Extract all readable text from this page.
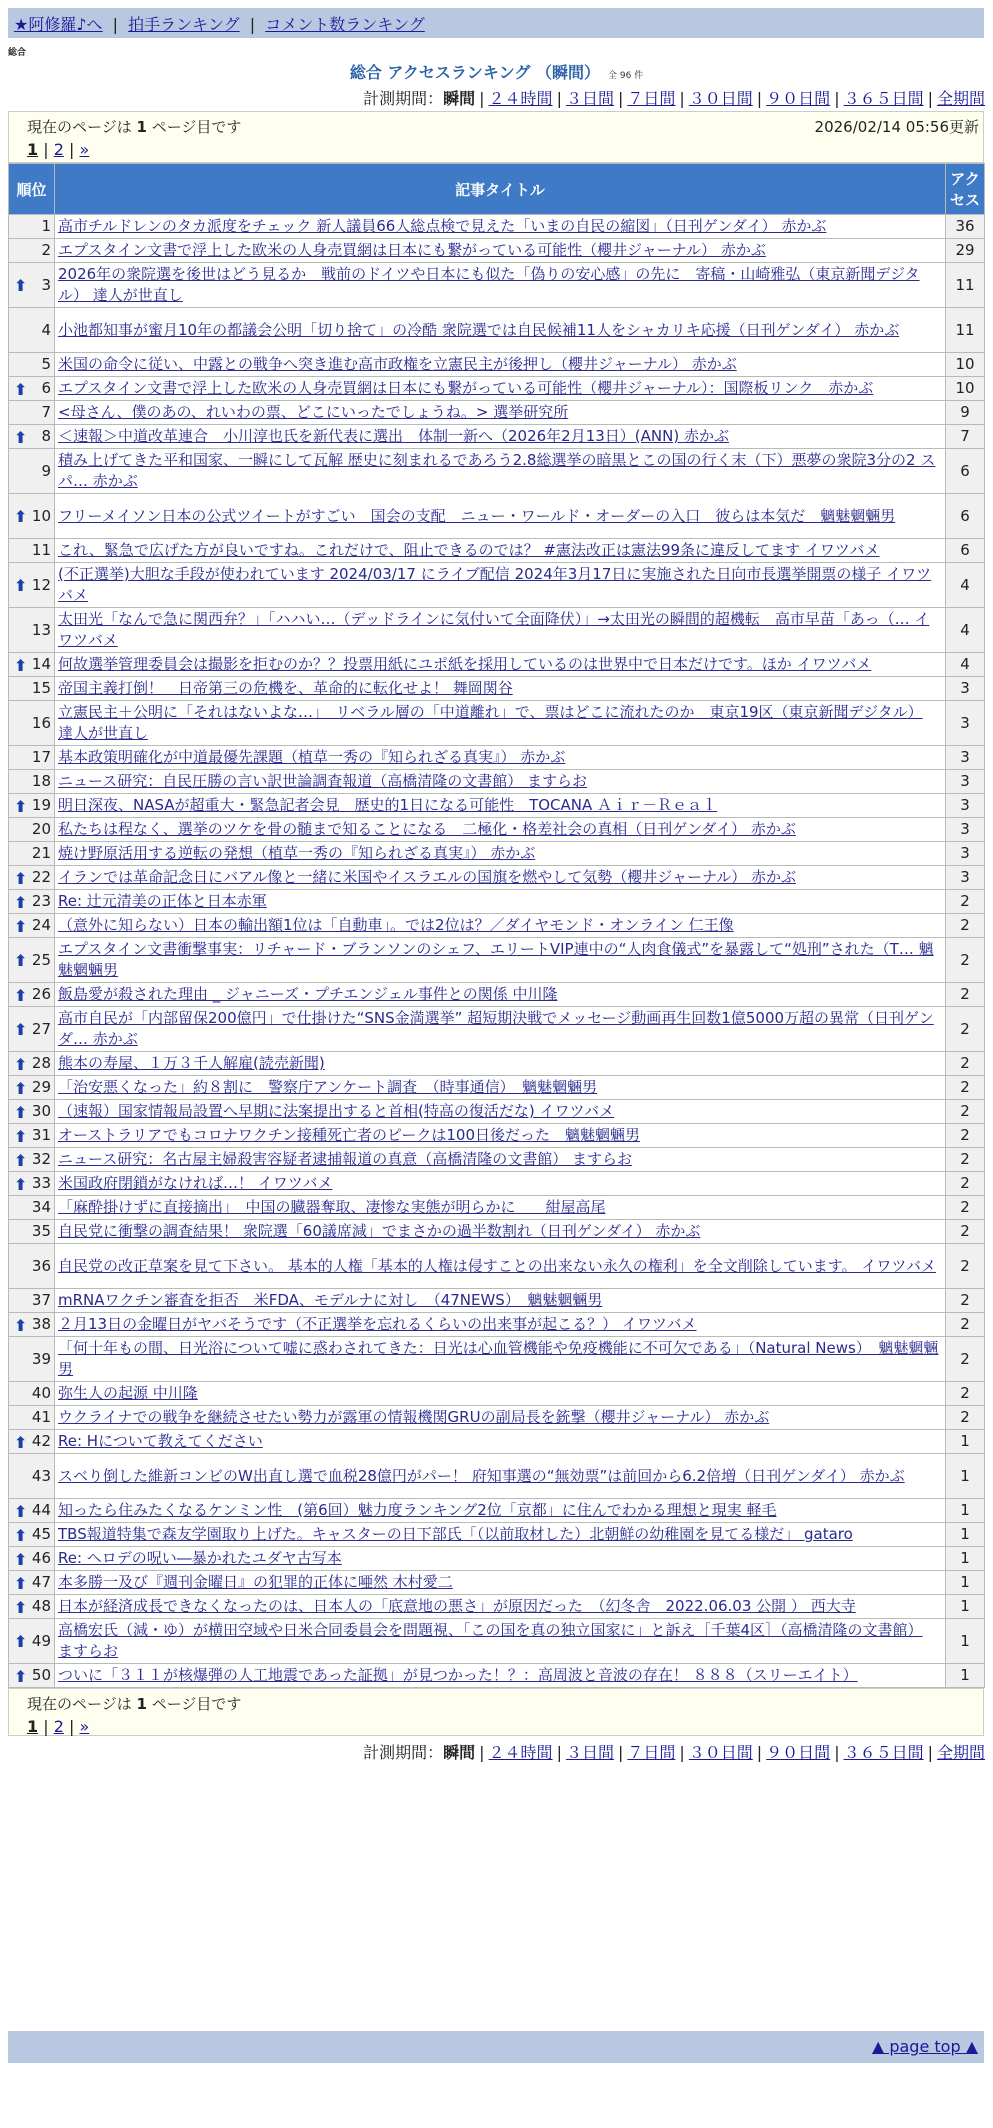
★阿修羅♪へ | 拍手ランキング | コメント数ランキング
総合
総合 アクセスランキング （瞬間） 全 96 件
計測期間：瞬間 | ２４時間 | ３日間 | ７日間 | ３０日間 | ９０日間 | ３６５日間 | 全期間
現在のページは 1 ページ目です	2026/02/14 05:56更新
1 | 2 | »
順位	記事タイトル	アクセス
1	高市チルドレンのタカ派度をチェック 新人議員66人総点検で見えた「いまの自民の縮図」（日刊ゲンダイ） 赤かぶ	36
2	エプスタイン文書で浮上した欧米の人身売買網は日本にも繋がっている可能性（櫻井ジャーナル） 赤かぶ	29

⬆ 3	2026年の衆院選を後世はどう見るか　戦前のドイツや日本にも似た「偽りの安心感」の先に　寄稿・山崎雅弘（東京新聞デジタル） 達人が世直し	11
4	小池都知事が蜜月10年の都議会公明「切り捨て」の冷酷 衆院選では自民候補11人をシャカリキ応援（日刊ゲンダイ） 赤かぶ	11
5	米国の命令に従い、中露との戦争へ突き進む高市政権を立憲民主が後押し（櫻井ジャーナル） 赤かぶ	10

⬆ 6	エプスタイン文書で浮上した欧米の人身売買網は日本にも繋がっている可能性（櫻井ジャーナル）：国際板リンク　赤かぶ	10
7	<母さん、僕のあの、れいわの票、どこにいったでしょうね。> 選挙研究所	9

⬆ 8	＜速報＞中道改革連合　小川淳也氏を新代表に選出　体制一新へ（2026年2月13日）(ANN) 赤かぶ	7
9	積み上げてきた平和国家、一瞬にして瓦解 歴史に刻まれるであろう2.8総選挙の暗黒とこの国の行く末（下）悪夢の衆院3分の2 スパ… 赤かぶ	6

⬆ 10	フリーメイソン日本の公式ツイートがすごい　国会の支配　ニュー・ワールド・オーダーの入口　彼らは本気だ　魑魅魍魎男	6
11	これ、緊急で広げた方が良いですね。これだけで、阻止できるのでは？ #憲法改正は憲法99条に違反してます イワツバメ	6

⬆ 12	(不正選挙)大胆な手段が使われています 2024/03/17 にライブ配信 2024年3月17日に実施された日向市長選挙開票の様子 イワツバメ	4
13	太田光「なんで急に関西弁？」「ハハい…（デッドラインに気付いて全面降伏）」→太田光の瞬間的超機転　高市早苗「あっ（… イワツバメ	4

⬆ 14	何故選挙管理委員会は撮影を拒むのか？？投票用紙にユポ紙を採用しているのは世界中で日本だけです。ほか イワツバメ	4
15	帝国主義打倒！　日帝第三の危機を、革命的に転化せよ！ 舞岡関谷	3
16	立憲民主＋公明に「それはないよな…」　リベラル層の「中道離れ」で、票はどこに流れたのか　東京19区（東京新聞デジタル） 達人が世直し	3
17	基本政策明確化が中道最優先課題（植草一秀の『知られざる真実』） 赤かぶ	3
18	ニュース研究：自民圧勝の言い訳世論調査報道（高橋清隆の文書館） ますらお	3

⬆ 19	明日深夜、NASAが超重大・緊急記者会見　歴史的1日になる可能性　TOCANA Ａｉｒ－Ｒｅａｌ	3
20	私たちは程なく、選挙のツケを骨の髄まで知ることになる　二極化・格差社会の真相（日刊ゲンダイ） 赤かぶ	3
21	焼け野原活用する逆転の発想（植草一秀の『知られざる真実』） 赤かぶ	3

⬆ 22	イランでは革命記念日にバアル像と一緒に米国やイスラエルの国旗を燃やして気勢（櫻井ジャーナル） 赤かぶ	3

⬆ 23	Re: 辻元清美の正体と日本赤軍	2

⬆ 24	（意外に知らない）日本の輸出額1位は「自動車」。では2位は？／ダイヤモンド・オンライン 仁王像	2

⬆ 25	エプスタイン文書衝撃事実：リチャード・ブランソンのシェフ、エリートVIP連中の“人肉食儀式”を暴露して“処刑”された（T… 魑魅魍魎男	2

⬆ 26	飯島愛が殺された理由 _ ジャニーズ・プチエンジェル事件との関係 中川隆	2

⬆ 27	高市自民が「内部留保200億円」で仕掛けた“SNS金満選挙” 超短期決戦でメッセージ動画再生回数1億5000万超の異常（日刊ゲンダ… 赤かぶ	2

⬆ 28	熊本の寿屋、１万３千人解雇(読売新聞)	2

⬆ 29	「治安悪くなった」約８割に　警察庁アンケート調査　（時事通信）　魑魅魍魎男	2

⬆ 30	（速報）国家情報局設置へ早期に法案提出すると首相(特高の復活だな) イワツバメ	2

⬆ 31	オーストラリアでもコロナワクチン接種死亡者のピークは100日後だった　魑魅魍魎男	2

⬆ 32	ニュース研究：名古屋主婦殺害容疑者逮捕報道の真意（高橋清隆の文書館） ますらお	2

⬆ 33	米国政府閉鎖がなければ…！ イワツバメ	2
34	「麻酔掛けずに直接摘出」　中国の臓器奪取、凄惨な実態が明らかに　　紺屋高尾	2
35	自民党に衝撃の調査結果！ 衆院選「60議席減」でまさかの過半数割れ（日刊ゲンダイ） 赤かぶ	2
36	自民党の改正草案を見て下さい。 基本的人権「基本的人権は侵すことの出来ない永久の権利」を全文削除しています。 イワツバメ	2
37	mRNAワクチン審査を拒否　米FDA、モデルナに対し　（47NEWS）　魑魅魍魎男	2

⬆ 38	２月13日の金曜日がヤバそうです（不正選挙を忘れるくらいの出来事が起こる？） イワツバメ	2
39	「何十年もの間、日光浴について嘘に惑わされてきた：日光は心血管機能や免疫機能に不可欠である」（Natural News）　魑魅魍魎男	2
40	弥生人の起源 中川隆	2
41	ウクライナでの戦争を継続させたい勢力が露軍の情報機関GRUの副局長を銃撃（櫻井ジャーナル） 赤かぶ	2

⬆ 42	Re: Hについて教えてください	1
43	スベり倒した維新コンビのW出直し選で血税28億円がパー！ 府知事選の“無効票”は前回から6.2倍増（日刊ゲンダイ） 赤かぶ	1

⬆ 44	知ったら住みたくなるケンミン性　(第6回）魅力度ランキング2位「京都」に住んでわかる理想と現実 軽毛	1

⬆ 45	TBS報道特集で森友学園取り上げた。キャスターの日下部氏「（以前取材した）北朝鮮の幼稚園を見てる様だ」 gataro	1

⬆ 46	Re: ヘロデの呪い―暴かれたユダヤ古写本	1

⬆ 47	本多勝一及び『週刊金曜日』の犯罪的正体に唖然 木村愛二	1

⬆ 48	日本が経済成長できなくなったのは、日本人の「底意地の悪さ」が原因だった　（幻冬舎　2022.06.03 公開 ） 西大寺	1

⬆ 49	高橋宏氏（減・ゆ）が横田空域や日米合同委員会を問題視、「この国を真の独立国家に」と訴え［千葉4区］（高橋清隆の文書館） ますらお	1

⬆ 50	ついに「３１１が核爆弾の人工地震であった証拠」が見つかった！？：高周波と音波の存在！ ８８８（スリーエイト）	1
現在のページは 1 ページ目です
1 | 2 | »
計測期間：瞬間 | ２４時間 | ３日間 | ７日間 | ３０日間 | ９０日間 | ３６５日間 | 全期間
▲ page top ▲
